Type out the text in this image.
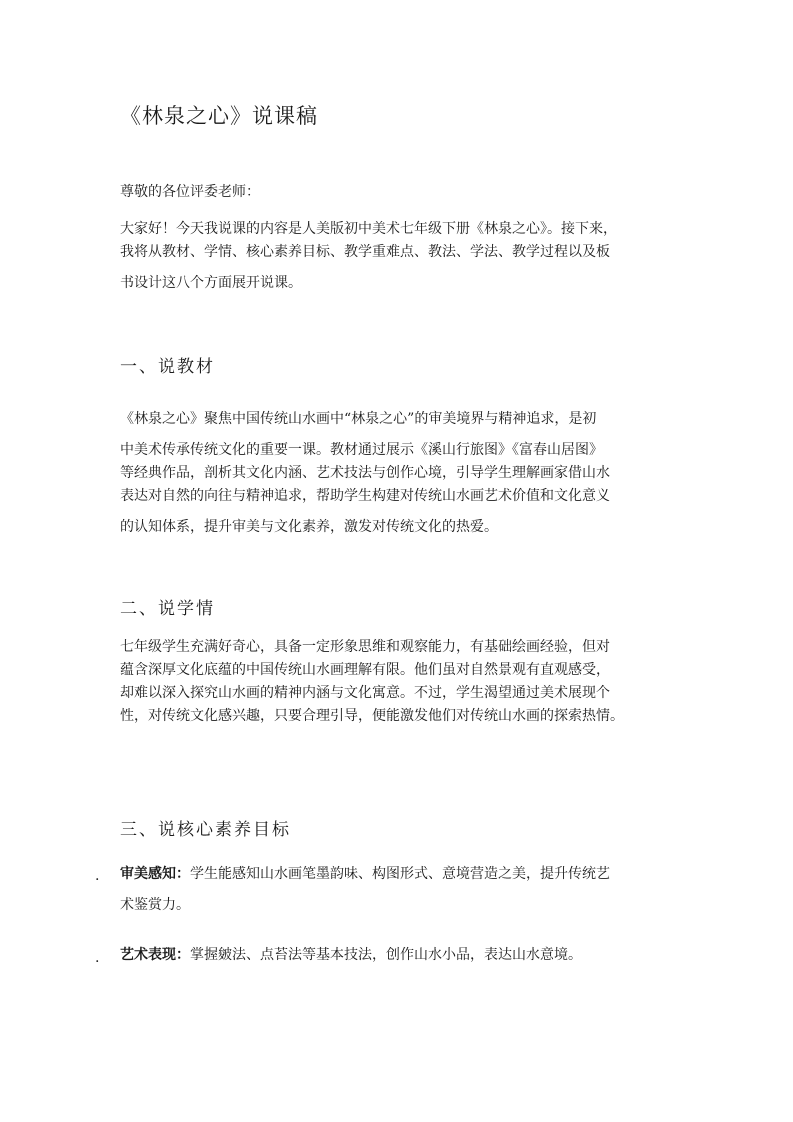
《林泉之心》说课稿

尊敬的各位评委老师：

大家好！今天我说课的内容是人美版初中美术七年级下册《林泉之心》。接下来，
我将从教材、学情、核心素养目标、教学重难点、教法、学法、教学过程以及板
书设计这八个方面展开说课。
一、说教材
《林泉之心》聚焦中国传统山水画中“林泉之心”的审美境界与精神追求，是初
中美术传承传统文化的重要一课。教材通过展示《溪山行旅图》《富春山居图》
等经典作品，剖析其文化内涵、艺术技法与创作心境，引导学生理解画家借山水
表达对自然的向往与精神追求，帮助学生构建对传统山水画艺术价值和文化意义
的认知体系，提升审美与文化素养，激发对传统文化的热爱。
二、说学情
七年级学生充满好奇心，具备一定形象思维和观察能力，有基础绘画经验，但对
蕴含深厚文化底蕴的中国传统山水画理解有限。他们虽对自然景观有直观感受，
却难以深入探究山水画的精神内涵与文化寓意。不过，学生渴望通过美术展现个
性，对传统文化感兴趣，只要合理引导，便能激发他们对传统山水画的探索热情。
三、说核心素养目标
. 审美感知：学生能感知山水画笔墨韵味、构图形式、意境营造之美，提升传统艺
术鉴赏力。
. 艺术表现：掌握皴法、点苔法等基本技法，创作山水小品，表达山水意境。
